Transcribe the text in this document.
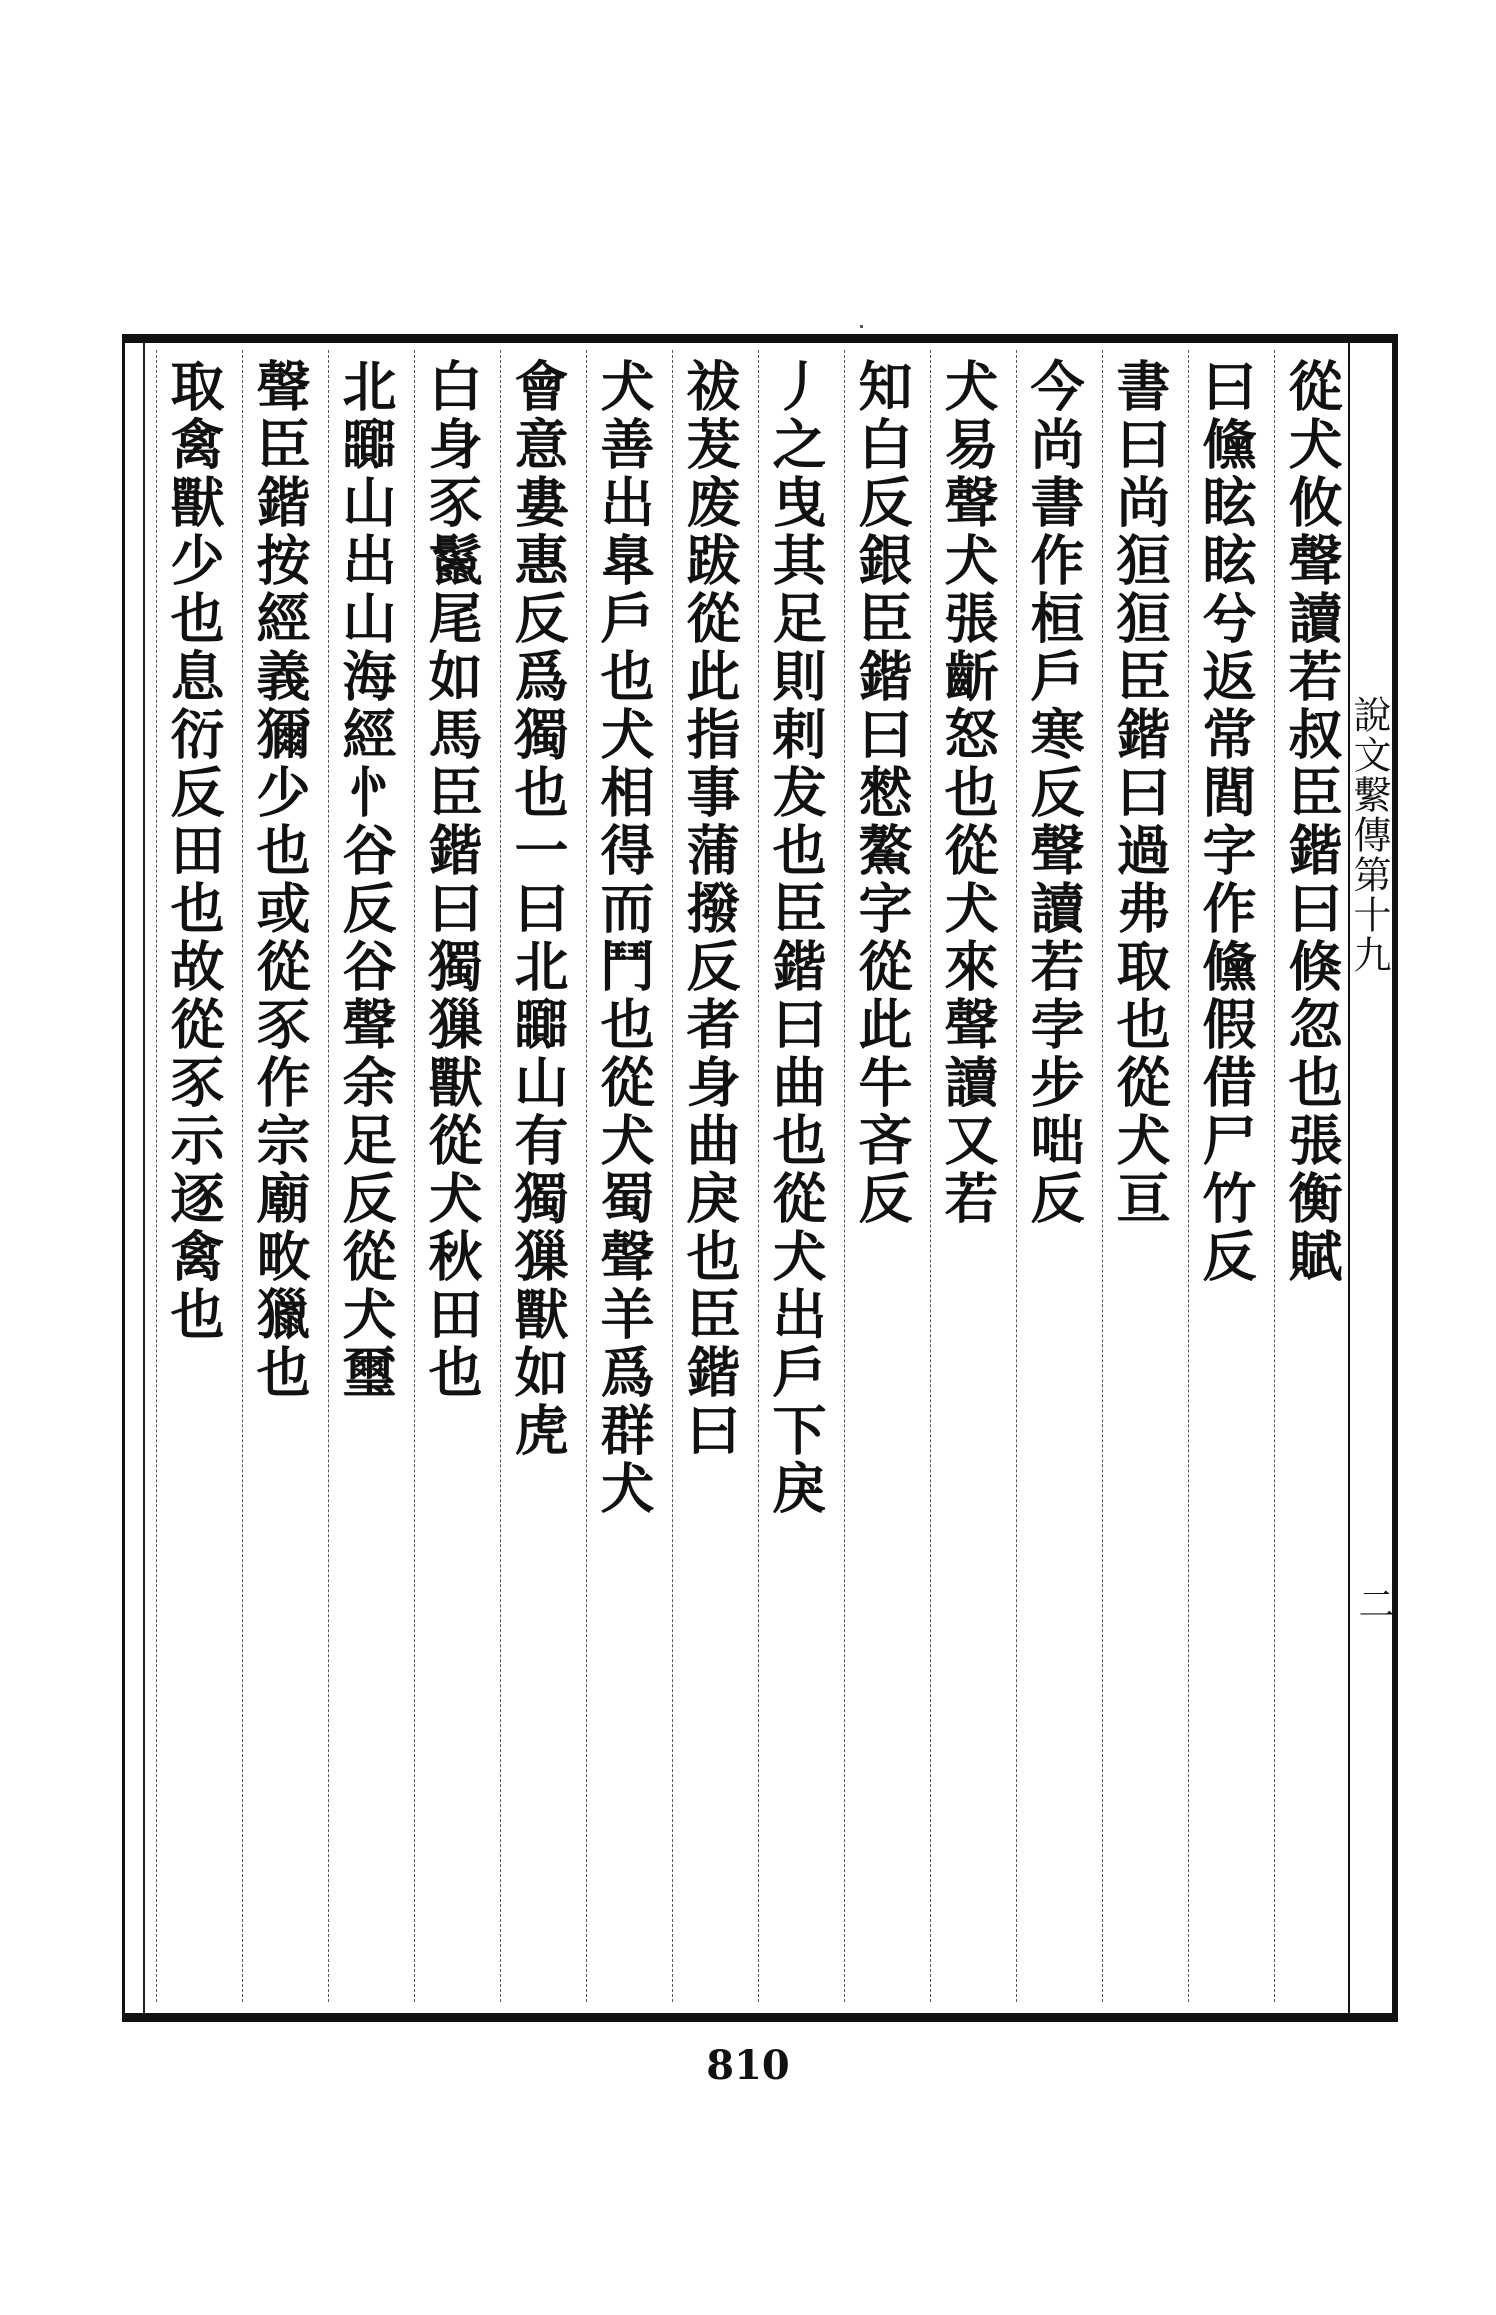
說文繫傳第十九
二
從犬攸聲讀若叔臣鍇曰倏忽也張衡賦
曰儵眩眩兮返常閭字作儵假借尸竹反
書曰尚狟狟臣鍇曰過弗取也從犬亘
今尚書作桓戶寒反聲讀若孛步咄反
犬易聲犬張齗怒也從犬來聲讀又若
知白反銀臣鍇曰憖鰲字從此牛吝反
丿之曳其足則剌犮也臣鍇曰曲也從犬出戶下戾
祓茇废跋從此指事蒲撥反者身曲戾也臣鍇曰
犬善出臯戶也犬相得而鬥也從犬蜀聲羊爲群犬
會意婁惠反爲獨也一曰北嚻山有獨㺐獸如虎
白身豕鬣尾如馬臣鍇曰獨㺐獸從犬秋田也
北嚻山出山海經㣺谷反谷聲余足反從犬璽
聲臣鍇按經義獮少也或從豕作宗廟畋獵也
取禽獸少也息衍反田也故從豕示逐禽也
810
